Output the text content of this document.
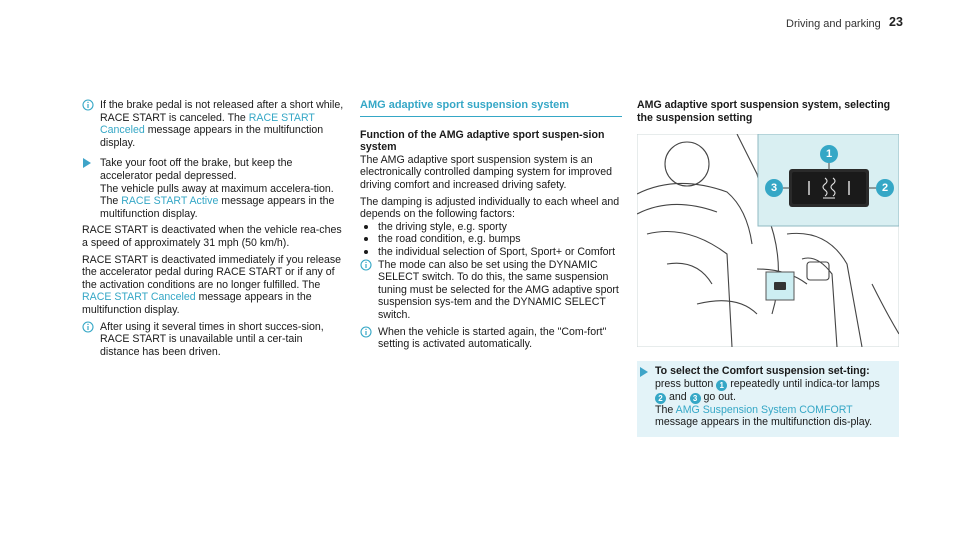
Driving and parking 23

If the brake pedal is not released after a short while, RACE START is canceled. The RACE START Canceled message appears in the multifunction display.

Take your foot off the brake, but keep the accelerator pedal depressed.

The vehicle pulls away at maximum accelera-tion. The RACE START Active message appears in the multifunction display.

RACE START is deactivated when the vehicle rea-ches a speed of approximately 31 mph (50 km/h).

RACE START is deactivated immediately if you release the accelerator pedal during RACE START or if any of the activation conditions are no longer fulfilled. The RACE START Canceled message appears in the multifunction display.

After using it several times in short succes-sion, RACE START is unavailable until a cer-tain distance has been driven.

AMG adaptive sport suspension system

Function of the AMG adaptive sport suspen-sion system

The AMG adaptive sport suspension system is an electronically controlled damping system for improved driving comfort and increased driving safety.

The damping is adjusted individually to each wheel and depends on the following factors:

the driving style, e.g. sporty
the road condition, e.g. bumps
the individual selection of Sport, Sport+ or Comfort

The mode can also be set using the DYNAMIC SELECT switch. To do this, the same suspension tuning must be selected for the AMG adaptive sport suspension sys-tem and the DYNAMIC SELECT switch.

When the vehicle is started again, the "Com-fort" setting is activated automatically.

AMG adaptive sport suspension system, selecting the suspension setting

1
2
3

To select the Comfort suspension set-ting: press button 1 repeatedly until indica-tor lamps 2 and 3 go out.

The AMG Suspension System COMFORT message appears in the multifunction dis-play.
